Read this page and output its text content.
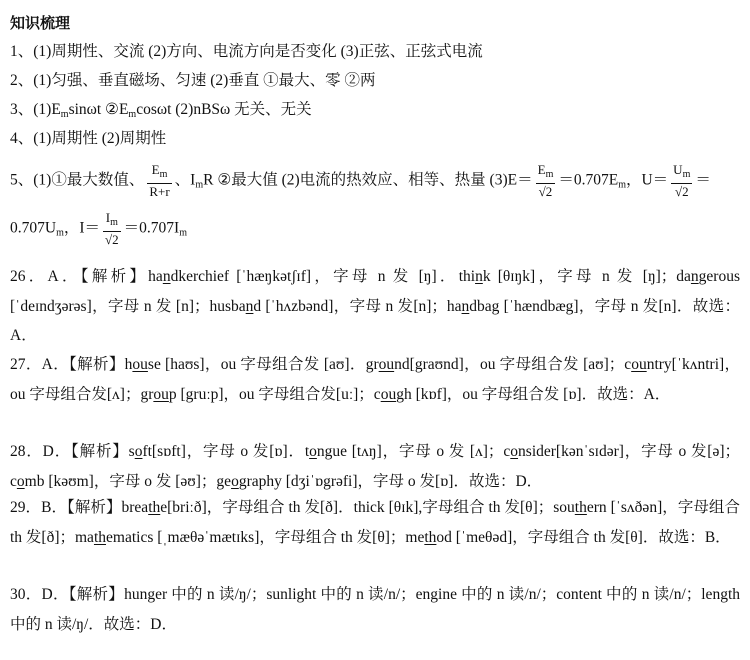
知识梳理
1、(1)周期性、交流 (2)方向、电流方向是否变化 (3)正弦、正弦式电流
2、(1)匀强、垂直磁场、匀速 (2)垂直 ①最大、零 ②两
3、$(1)E_m\sin\omega t$ $②E_m\cos\omega t$ (2)nBSω 无关、无关
4、(1)周期性 (2)周期性
5、(1)①最大数值、 $\frac{E_m}{R+r}$ 、$I_mR$ ②最大值 (2)电流的热效应、相等、热量 $(3)E= \frac{E_m}{√2} =0.707E_m$，$U= \frac{U_m}{√2}$ ＝
$0.707U_m$，$I= \frac{I_m}{√2} =0.707I_m$
26．A．【解析】handkerchief [ˈhæŋkətʃɪf]，字母 n 发 [ŋ]．think [θɪŋk]，字母 n 发 [ŋ]；dangerous [ˈdeɪndʒərəs]，字母 n 发 [n]；husband [ˈhʌzbənd]，字母 n 发[n]；handbag [ˈhændbæg]，字母 n 发[n]．故选：A．
27．A．【解析】house [haʊs]，ou 字母组合发 [aʊ]．ground[graʊnd]，ou 字母组合发 [aʊ]；country[ˈkʌntri]，ou 字母组合发[ʌ]；group [gruːp]，ou 字母组合发[uː]；cough [kɒf]，ou 字母组合发 [ɒ]．故选：A．
28．D．【解析】soft[sɒft]，字母 o 发[ɒ]．tongue [tʌŋ]，字母 o 发 [ʌ]；consider[kənˈsɪdər]，字母 o 发[ə]；comb [kəʊm]，字母 o 发 [əʊ]；geography [dʒiˈɒgrəfi]，字母 o 发[ɒ]．故选：D．
29．B．【解析】breathe[briːð]，字母组合 th 发[ð]．thick [θɪk],字母组合 th 发[θ]；southern [ˈsʌðən]，字母组合 th 发[ð]；mathematics [ˌmæθəˈmætɪks]，字母组合 th 发[θ]；method [ˈmeθəd]，字母组合 th 发[θ]．故选：B．
30．D．【解析】hunger 中的 n 读/ŋ/；sunlight 中的 n 读/n/；engine 中的 n 读/n/；content 中的 n 读/n/；length 中的 n 读/ŋ/．故选：D．
